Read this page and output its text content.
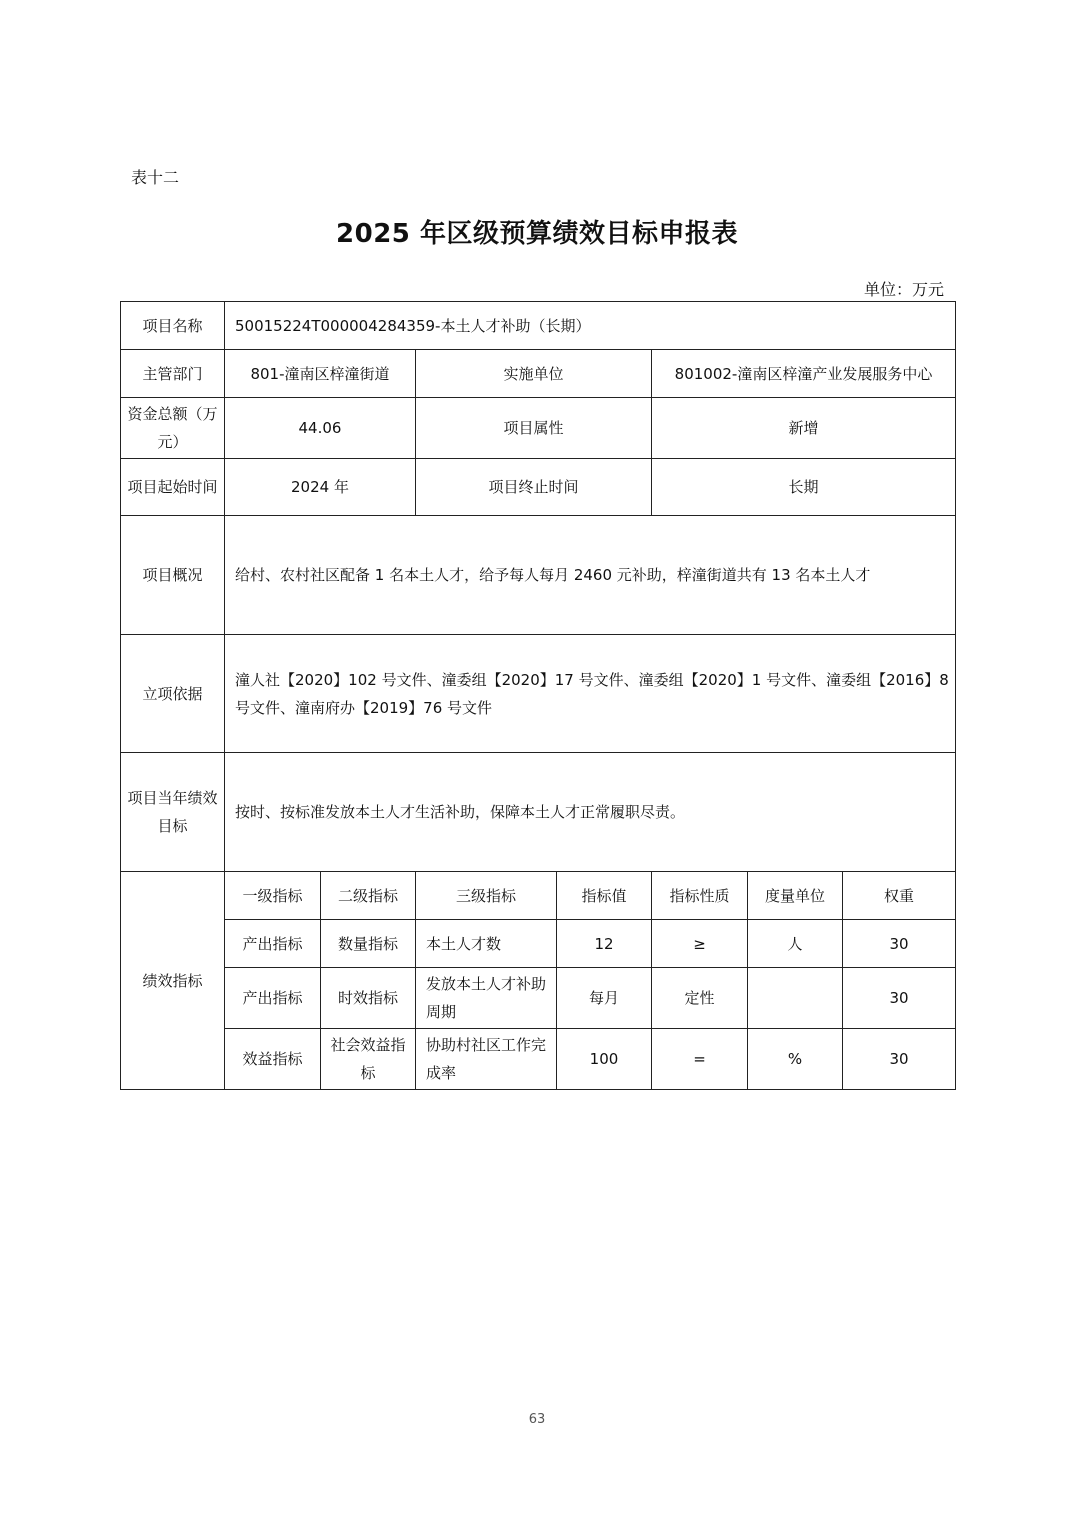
表十二
2025 年区级预算绩效目标申报表
单位：万元
项目名称	50015224T000004284359-本土人才补助（长期）						
主管部门	801-潼南区梓潼街道		实施单位		801002-潼南区梓潼产业发展服务中心		
资金总额（万元）	44.06		项目属性		新增		
项目起始时间	2024 年		项目终止时间		长期		
项目概况	给村、农村社区配备 1 名本土人才，给予每人每月 2460 元补助，梓潼街道共有 13 名本土人才						
立项依据	潼人社【2020】102 号文件、潼委组【2020】17 号文件、潼委组【2020】1 号文件、潼委组【2016】8 号文件、潼南府办【2019】76 号文件						
项目当年绩效目标	按时、按标准发放本土人才生活补助，保障本土人才正常履职尽责。						
绩效指标	一级指标	二级指标	三级指标	指标值	指标性质	度量单位	权重
	产出指标	数量指标	本土人才数	12	≥	人	30
	产出指标	时效指标	发放本土人才补助周期	每月	定性		30
	效益指标	社会效益指标	协助村社区工作完成率	100	=	%	30
63
